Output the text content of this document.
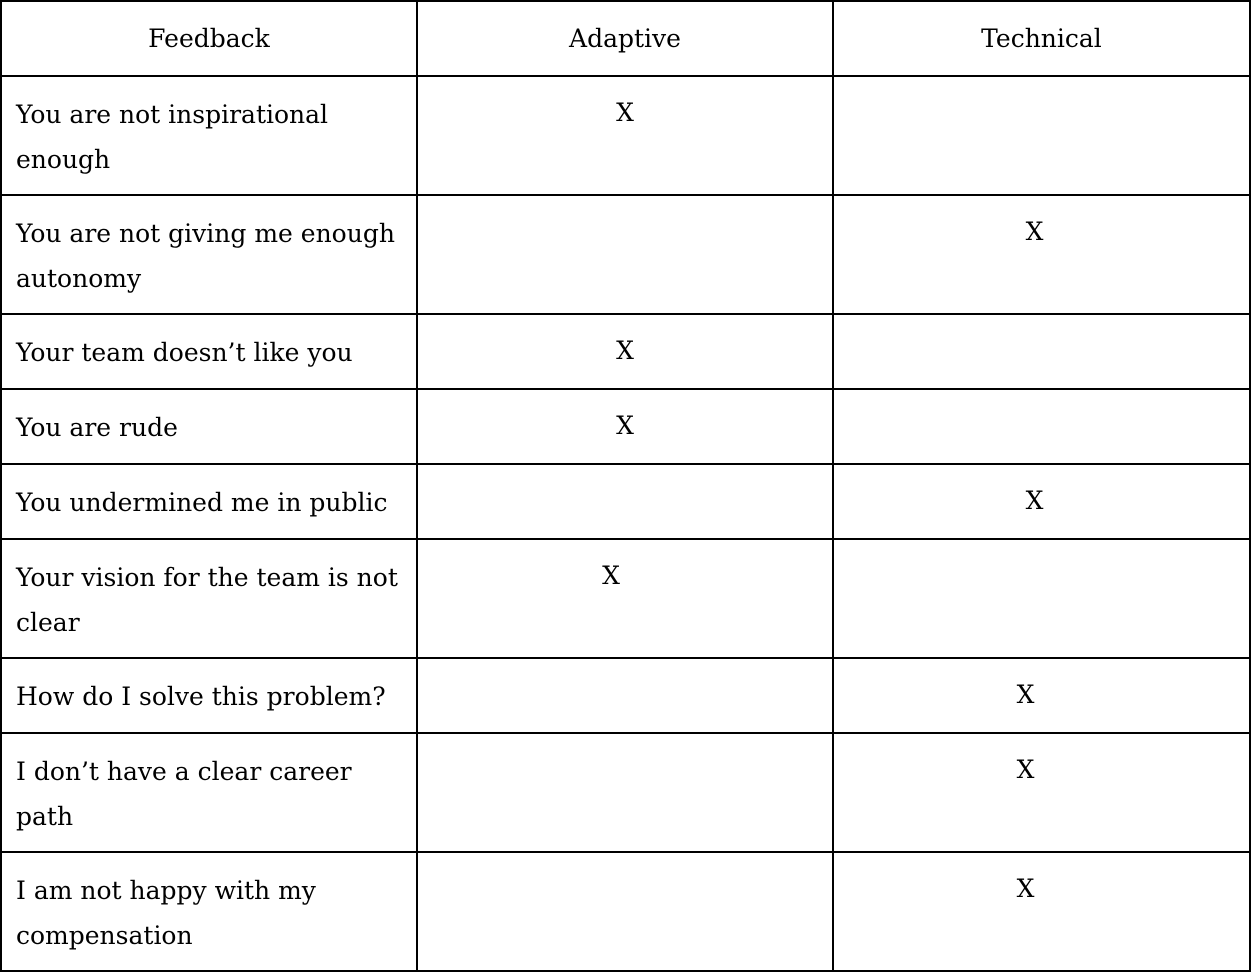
Feedback	Adaptive	Technical

You are not inspirational enough	X	

You are not giving me enough autonomy		X

Your team doesn’t like you	X	

You are rude	X	

You undermined me in public		X

Your vision for the team is not clear	X	

How do I solve this problem?		X

I don’t have a clear career path		X

I am not happy with my compensation		X
